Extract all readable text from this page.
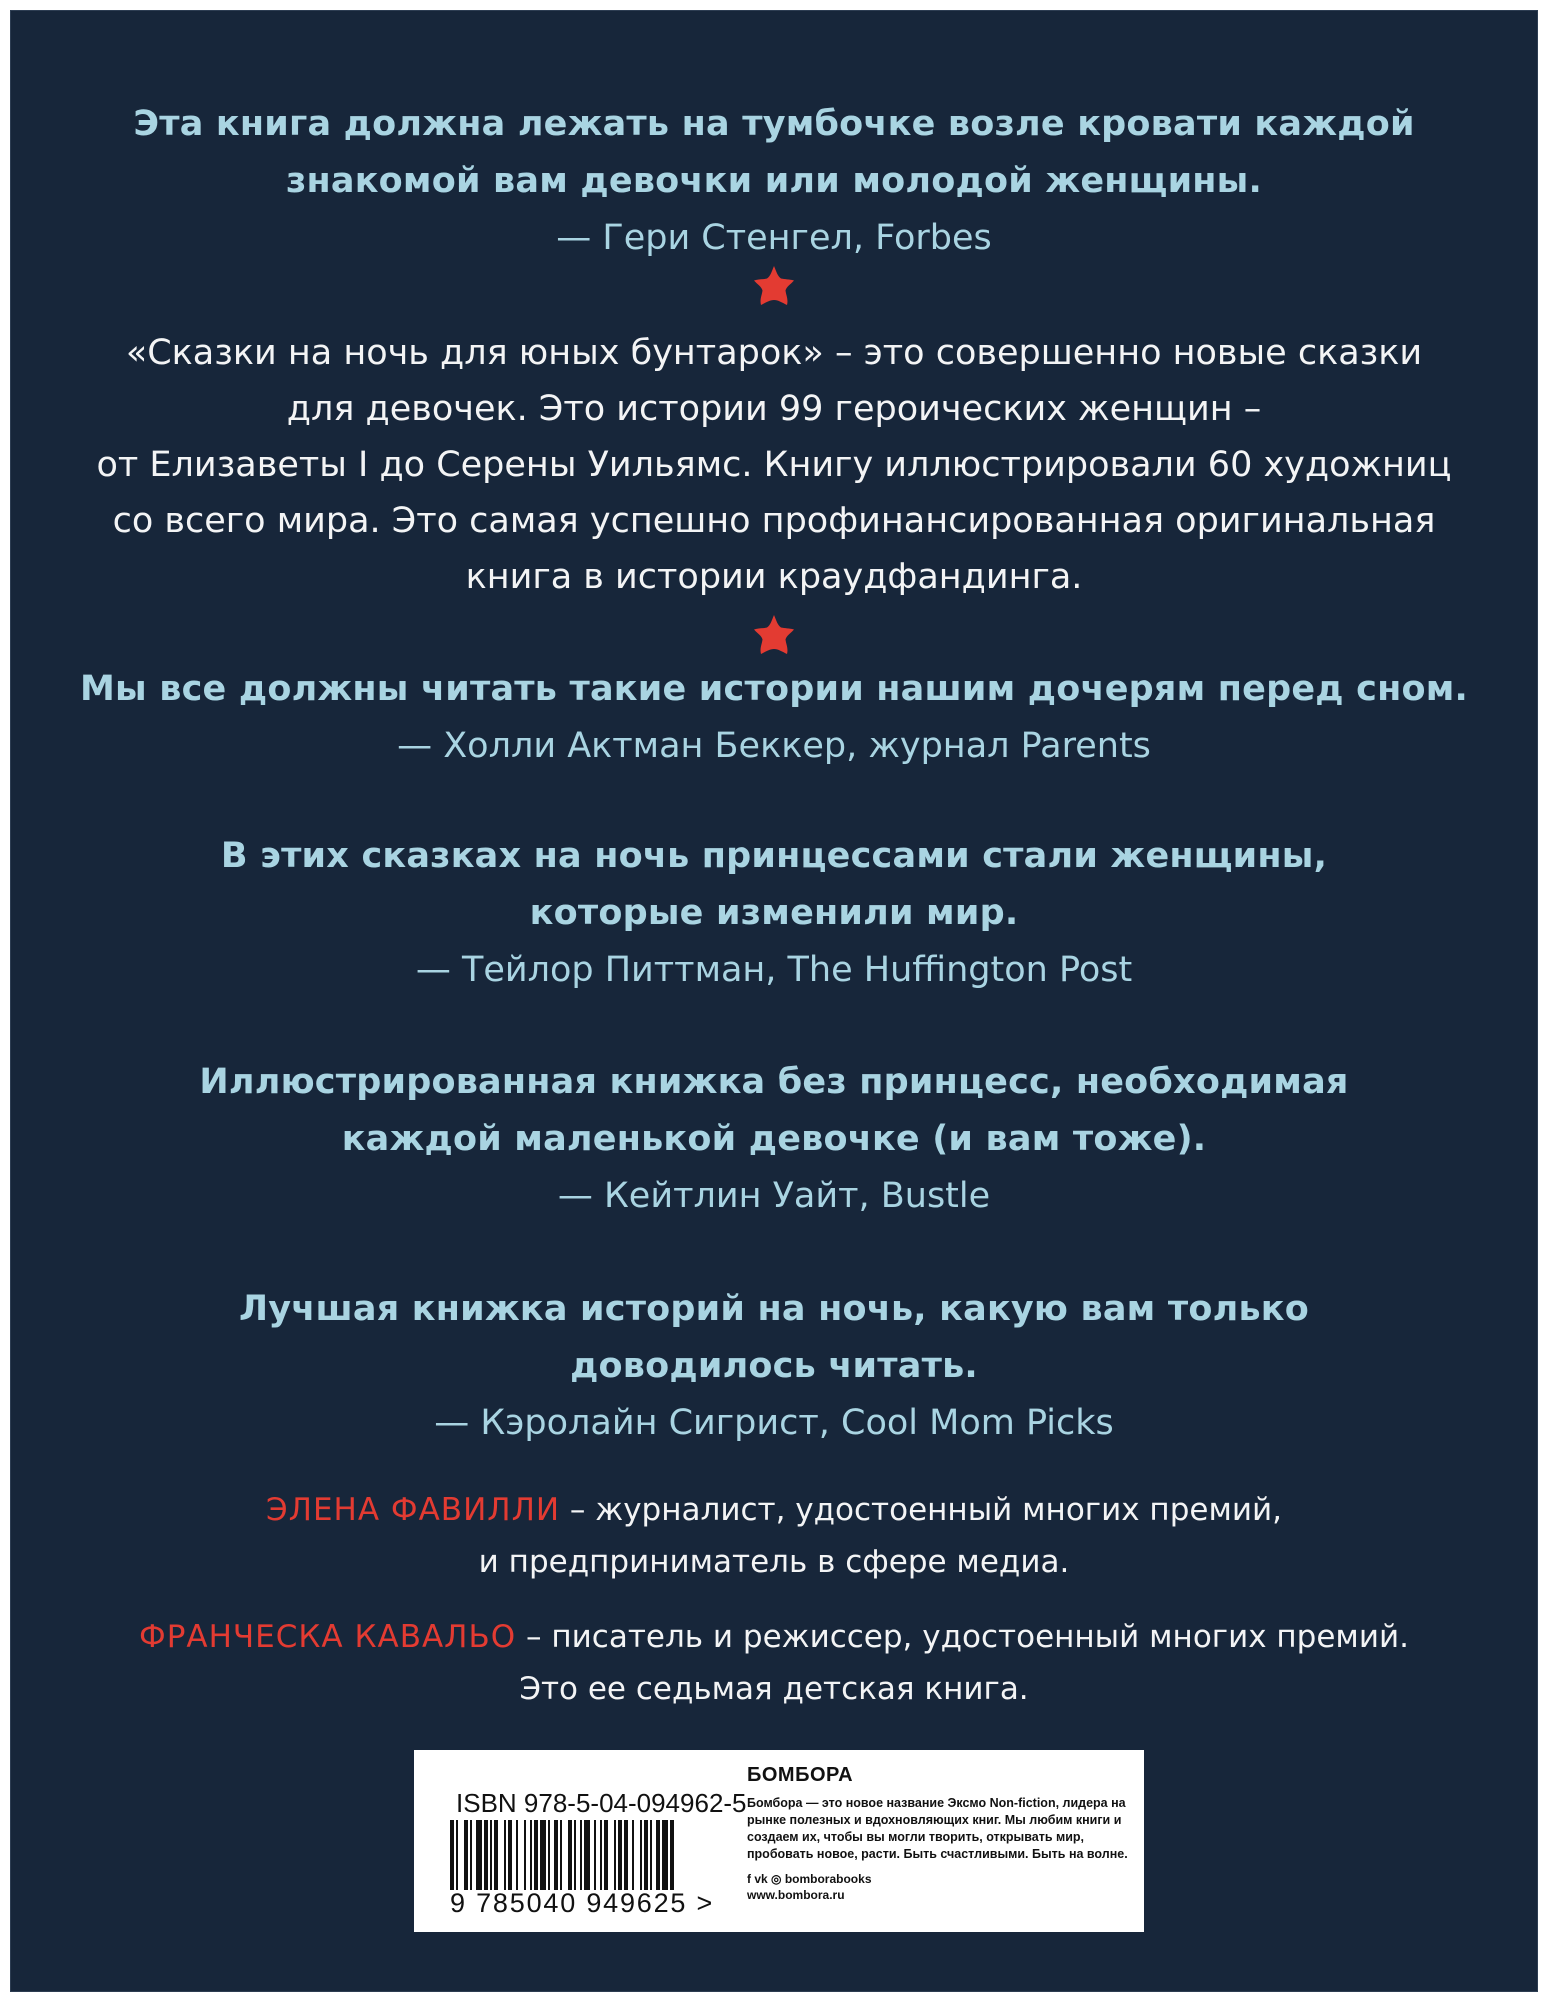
Эта книга должна лежать на тумбочке возле кровати каждой
знакомой вам девочки или молодой женщины.
— Гери Стенгел, Forbes
«Сказки на ночь для юных бунтарок» – это совершенно новые сказки
для девочек. Это истории 99 героических женщин –
от Елизаветы I до Серены Уильямс. Книгу иллюстрировали 60 художниц
со всего мира. Это самая успешно профинансированная оригинальная
книга в истории краудфандинга.
Мы все должны читать такие истории нашим дочерям перед сном.
— Холли Актман Беккер, журнал Parents
В этих сказках на ночь принцессами стали женщины,
которые изменили мир.
— Тейлор Питтман, The Huffington Post
Иллюстрированная книжка без принцесс, необходимая
каждой маленькой девочке (и вам тоже).
— Кейтлин Уайт, Bustle
Лучшая книжка историй на ночь, какую вам только
доводилось читать.
— Кэролайн Сигрист, Cool Mom Picks
ЭЛЕНА ФАВИЛЛИ – журналист, удостоенный многих премий,
и предприниматель в сфере медиа.
ФРАНЧЕСКА КАВАЛЬО – писатель и режиссер, удостоенный многих премий.
Это ее седьмая детская книга.
ISBN 978-5-04-094962-5
9 785040 949625 >
БОМБОРА
Бомбора — это новое название Эксмо Non-fiction, лидера на рынке полезных и вдохновляющих книг. Мы любим книги и создаем их, чтобы вы могли творить, открывать мир, пробовать новое, расти. Быть счастливыми. Быть на волне.
f vk ◎ bomborabooks
www.bombora.ru
